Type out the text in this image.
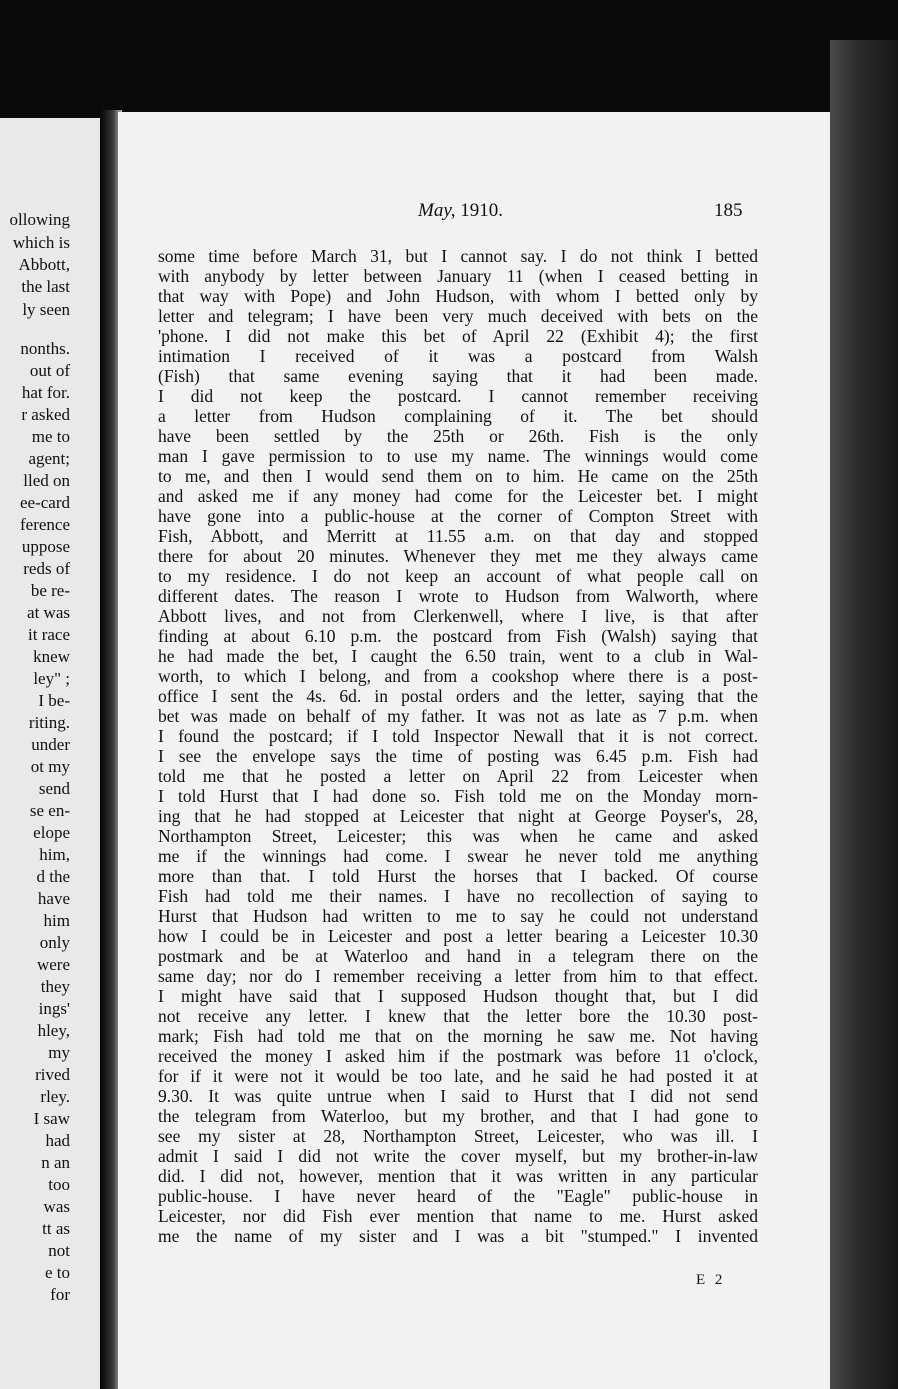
ollowing
which is
Abbott,
the last
ly seen
nonths.
out of
hat for.
r asked
me to
agent;
lled on
ee-card
ference
uppose
reds of
be re-
at was
it race
knew
ley" ;
I be-
riting.
under
ot my
send
se en-
elope
him,
d the
have
him
only
were
they
ings'
hley,
my
rived
rley.
I saw
had
n an
too
was
tt as
not
e to
for
May, 1910.	185
some time before March 31, but I cannot say. I do not think I betted
with anybody by letter between January 11 (when I ceased betting in
that way with Pope) and John Hudson, with whom I betted only by
letter and telegram; I have been very much deceived with bets on the
'phone. I did not make this bet of April 22 (Exhibit 4); the first
intimation I received of it was a postcard from Walsh
(Fish) that same evening saying that it had been made.
I did not keep the postcard. I cannot remember receiving
a letter from Hudson complaining of it. The bet should
have been settled by the 25th or 26th. Fish is the only
man I gave permission to to use my name. The winnings would come
to me, and then I would send them on to him. He came on the 25th
and asked me if any money had come for the Leicester bet. I might
have gone into a public-house at the corner of Compton Street with
Fish, Abbott, and Merritt at 11.55 a.m. on that day and stopped
there for about 20 minutes. Whenever they met me they always came
to my residence. I do not keep an account of what people call on
different dates. The reason I wrote to Hudson from Walworth, where
Abbott lives, and not from Clerkenwell, where I live, is that after
finding at about 6.10 p.m. the postcard from Fish (Walsh) saying that
he had made the bet, I caught the 6.50 train, went to a club in Wal-
worth, to which I belong, and from a cookshop where there is a post-
office I sent the 4s. 6d. in postal orders and the letter, saying that the
bet was made on behalf of my father. It was not as late as 7 p.m. when
I found the postcard; if I told Inspector Newall that it is not correct.
I see the envelope says the time of posting was 6.45 p.m. Fish had
told me that he posted a letter on April 22 from Leicester when
I told Hurst that I had done so. Fish told me on the Monday morn-
ing that he had stopped at Leicester that night at George Poyser's, 28,
Northampton Street, Leicester; this was when he came and asked
me if the winnings had come. I swear he never told me anything
more than that. I told Hurst the horses that I backed. Of course
Fish had told me their names. I have no recollection of saying to
Hurst that Hudson had written to me to say he could not understand
how I could be in Leicester and post a letter bearing a Leicester 10.30
postmark and be at Waterloo and hand in a telegram there on the
same day; nor do I remember receiving a letter from him to that effect.
I might have said that I supposed Hudson thought that, but I did
not receive any letter. I knew that the letter bore the 10.30 post-
mark; Fish had told me that on the morning he saw me. Not having
received the money I asked him if the postmark was before 11 o'clock,
for if it were not it would be too late, and he said he had posted it at
9.30. It was quite untrue when I said to Hurst that I did not send
the telegram from Waterloo, but my brother, and that I had gone to
see my sister at 28, Northampton Street, Leicester, who was ill. I
admit I said I did not write the cover myself, but my brother-in-law
did. I did not, however, mention that it was written in any particular
public-house. I have never heard of the "Eagle" public-house in
Leicester, nor did Fish ever mention that name to me. Hurst asked
me the name of my sister and I was a bit "stumped." I invented
E 2
